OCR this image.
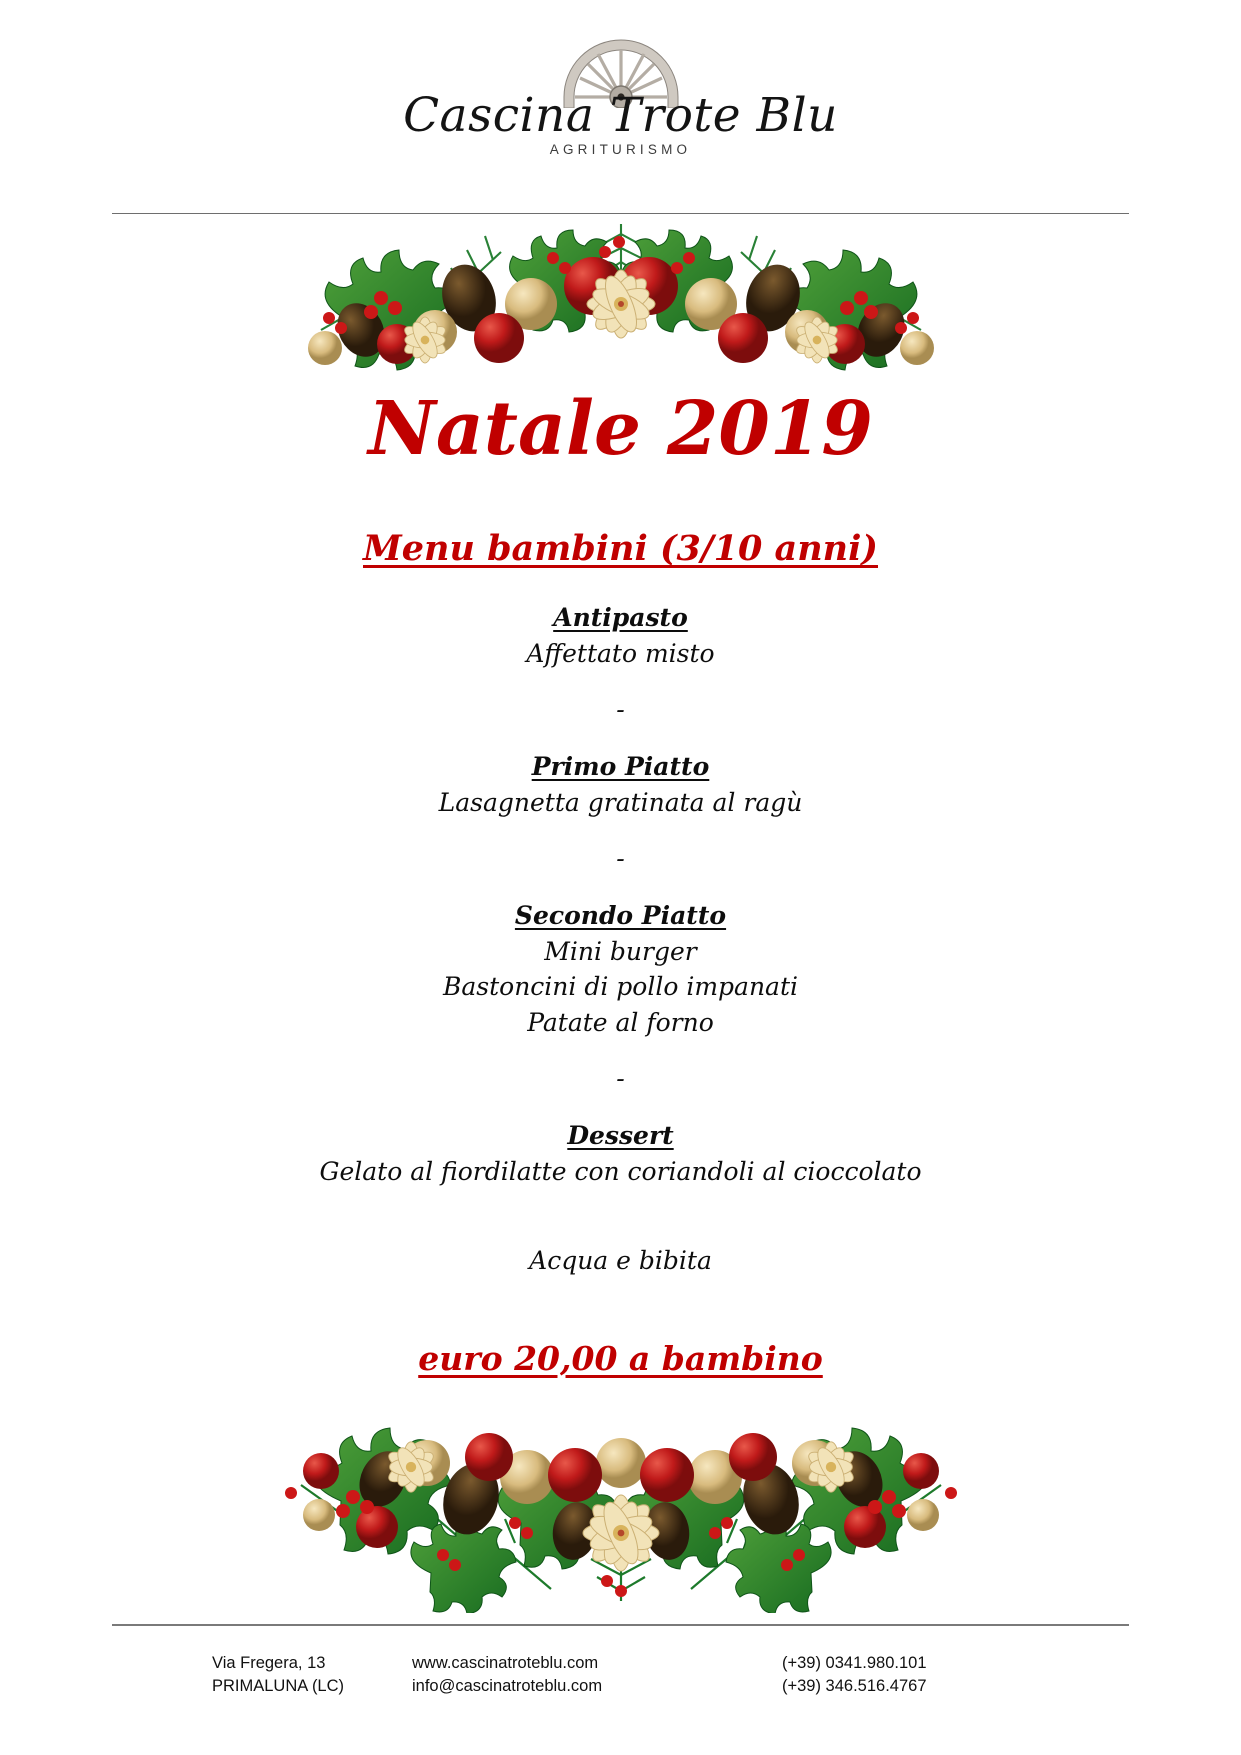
Cascina Trote Blu
AGRITURISMO
Natale 2019
Menu bambini (3/10 anni)
Antipasto
Affettato misto
-
Primo Piatto
Lasagnetta gratinata al ragù
-
Secondo Piatto
Mini burger
Bastoncini di pollo impanati
Patate al forno
-
Dessert
Gelato al fiordilatte con coriandoli al cioccolato
Acqua e bibita
euro 20,00 a bambino
Via Fregera, 13
PRIMALUNA (LC)
www.cascinatroteblu.com
info@cascinatroteblu.com
(+39) 0341.980.101
(+39) 346.516.4767
